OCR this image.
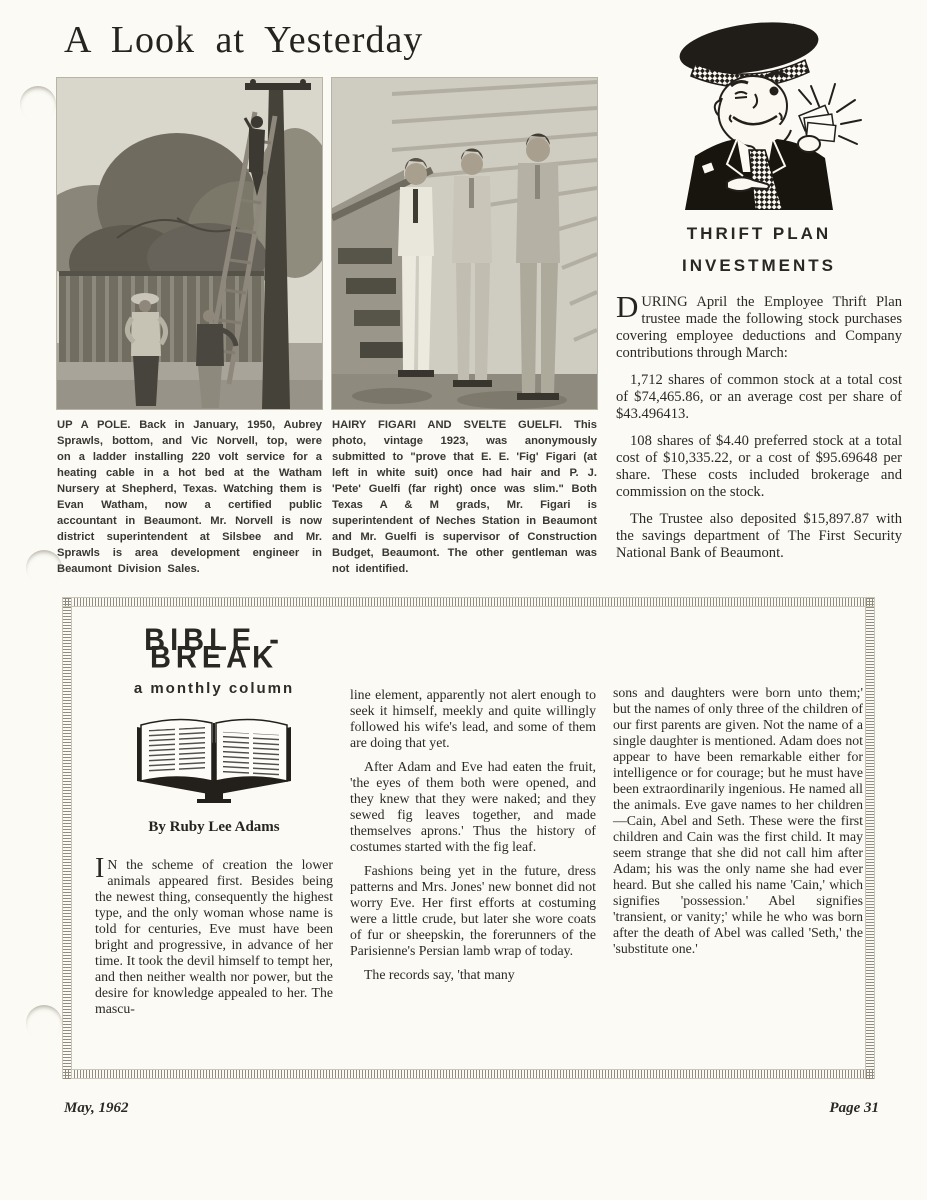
A Look at Yesterday
UP A POLE. Back in January, 1950, Aubrey Sprawls, bottom, and Vic Norvell, top, were on a ladder installing 220 volt service for a heating cable in a hot bed at the Watham Nursery at Shepherd, Texas. Watching them is Evan Watham, now a certified public accountant in Beaumont. Mr. Norvell is now district superintendent at Silsbee and Mr. Sprawls is area development engineer in Beaumont Division Sales.
HAIRY FIGARI AND SVELTE GUELFI. This photo, vintage 1923, was anonymously submitted to "prove that E. E. 'Fig' Figari (at left in white suit) once had hair and P. J. 'Pete' Guelfi (far right) once was slim." Both Texas A & M grads, Mr. Figari is superintendent of Neches Station in Beaumont and Mr. Guelfi is supervisor of Construction Budget, Beaumont. The other gentleman was not identified.
THRIFT PLAN
INVESTMENTS

DURING April the Employee Thrift Plan trustee made the following stock purchases covering employee deductions and Company contributions through March:

1,712 shares of common stock at a total cost of $74,465.86, or an average cost per share of $43.496413.

108 shares of $4.40 preferred stock at a total cost of $10,335.22, or a cost of $95.69648 per share. These costs included brokerage and commission on the stock.

The Trustee also deposited $15,897.87 with the savings department of The First Security National Bank of Beaumont.

BIBLE - BREAK
a monthly column
By Ruby Lee Adams

I N the scheme of creation the lower animals appeared first. Besides being the newest thing, consequently the highest type, and the only woman whose name is told for centuries, Eve must have been bright and progressive, in advance of her time. It took the devil himself to tempt her, and then neither wealth nor power, but the desire for knowledge appealed to her. The mascu-

line element, apparently not alert enough to seek it himself, meekly and quite willingly followed his wife's lead, and some of them are doing that yet.

After Adam and Eve had eaten the fruit, 'the eyes of them both were opened, and they knew that they were naked; and they sewed fig leaves together, and made themselves aprons.' Thus the history of costumes started with the fig leaf.

Fashions being yet in the future, dress patterns and Mrs. Jones' new bonnet did not worry Eve. Her first efforts at costuming were a little crude, but later she wore coats of fur or sheepskin, the forerunners of the Parisienne's Persian lamb wrap of today.

The records say, 'that many

sons and daughters were born unto them;' but the names of only three of the children of our first parents are given. Not the name of a single daughter is mentioned. Adam does not appear to have been remarkable either for intelligence or for courage; but he must have been extraordinarily ingenious. He named all the animals. Eve gave names to her children—Cain, Abel and Seth. These were the first children and Cain was the first child. It may seem strange that she did not call him after Adam; his was the only name she had ever heard. But she called his name 'Cain,' which signifies 'possession.' Abel signifies 'transient, or vanity;' while he who was born after the death of Abel was called 'Seth,' the 'substitute one.'

May, 1962	Page 31
